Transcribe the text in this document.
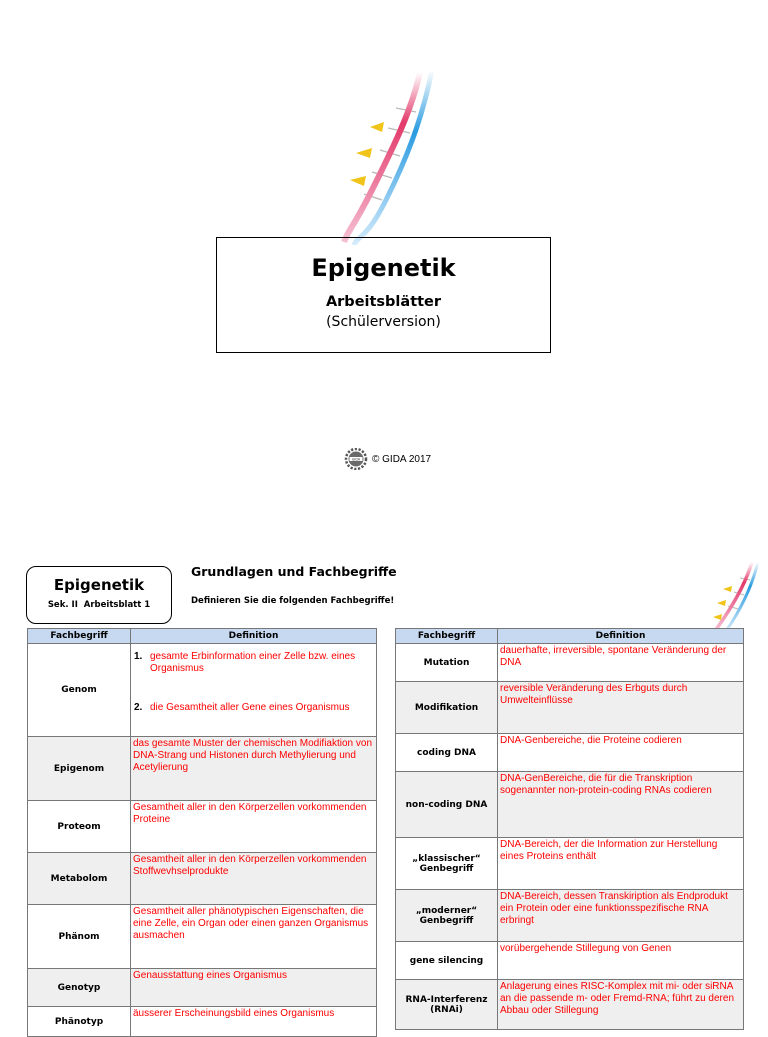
Epigenetik
Arbeitsblätter
(Schülerversion)
GIDA © GIDA 2017
Epigenetik
Sek. II  Arbeitsblatt 1
Grundlagen und Fachbegriffe
Definieren Sie die folgenden Fachbegriffe!
Fachbegriff	Definition
Genom	1. gesamte Erbinformation einer Zelle bzw. eines Organismus
2. die Gesamtheit aller Gene eines Organismus

Epigenom	das gesamte Muster der chemischen Modifiaktion von DNA-Strang und Histonen durch Methylierung und Acetylierung
Proteom	Gesamtheit aller in den Körperzellen vorkommenden Proteine
Metabolom	Gesamtheit aller in den Körperzellen vorkommenden Stoffwevhselprodukte
Phänom	Gesamtheit aller phänotypischen Eigenschaften, die eine Zelle, ein Organ oder einen ganzen Organismus ausmachen
Genotyp	Genausstattung eines Organismus
Phänotyp	äusserer Erscheinungsbild eines Organismus
Fachbegriff	Definition
Mutation	dauerhafte, irreversible, spontane Veränderung der DNA
Modifikation	reversible Veränderung des Erbguts durch Umwelteinflüsse
coding DNA	DNA-Genbereiche, die Proteine codieren
non-coding DNA	DNA-GenBereiche, die für die Transkription sogenannter non-protein-coding RNAs codieren

„klassischer“
Genbegriff	DNA-Bereich, der die Information zur Herstellung eines Proteins enthält

„moderner“
Genbegriff	DNA-Bereich, dessen Transkiription als Endprodukt ein Protein oder eine funktionsspezifische RNA erbringt
gene silencing	vorübergehende Stillegung von Genen

RNA-Interferenz
(RNAi)	Anlagerung eines RISC-Komplex mit mi- oder siRNA an die passende m- oder Fremd-RNA; führt zu deren Abbau oder Stillegung
